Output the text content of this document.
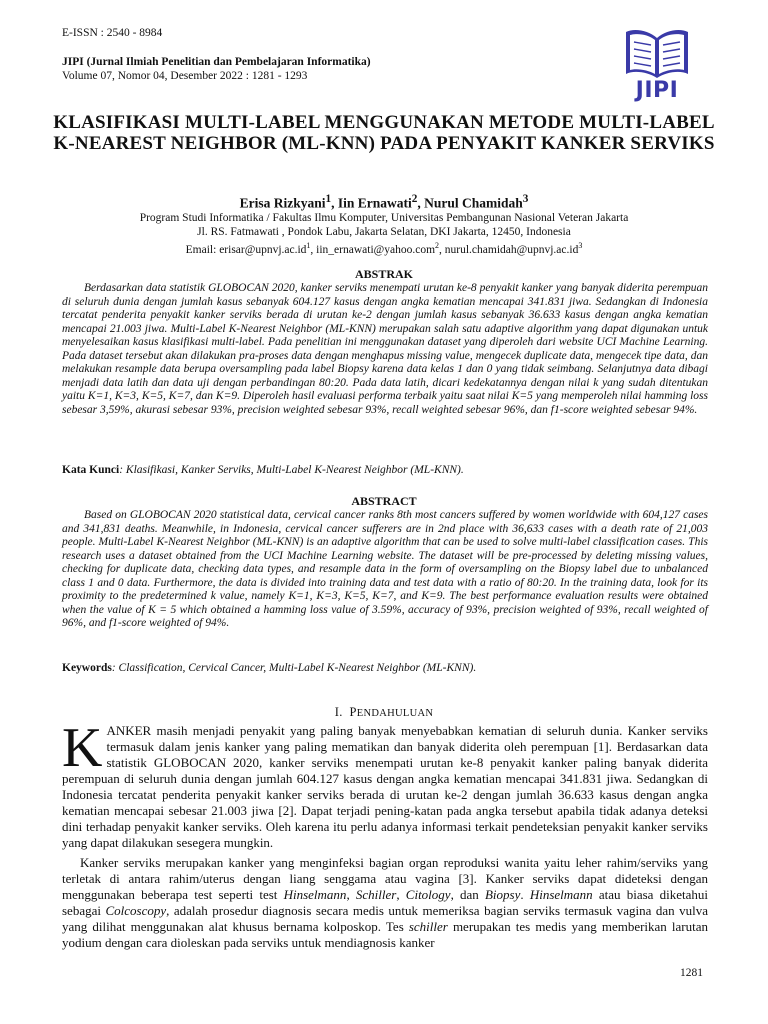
E-ISSN : 2540 - 8984
JIPI (Jurnal Ilmiah Penelitian dan Pembelajaran Informatika)
Volume 07, Nomor 04, Desember 2022 : 1281 - 1293
JIPI
KLASIFIKASI MULTI-LABEL MENGGUNAKAN METODE MULTI-LABEL K-NEAREST NEIGHBOR (ML-KNN) PADA PENYAKIT KANKER SERVIKS
Erisa Rizkyani$^1$, Iin Ernawati$^2$, Nurul Chamidah$^3$
Program Studi Informatika / Fakultas Ilmu Komputer, Universitas Pembangunan Nasional Veteran Jakarta
Jl. RS. Fatmawati , Pondok Labu, Jakarta Selatan, DKI Jakarta, 12450, Indonesia
Email: $erisar@upnvj.ac.id^1$, iin_ernawati@yahoo.com$^2$, $nurul.chamidah@upnvj.ac.id^3$
ABSTRAK
Berdasarkan data statistik GLOBOCAN 2020, kanker serviks menempati urutan ke-8 penyakit kanker yang banyak diderita perempuan di seluruh dunia dengan jumlah kasus sebanyak 604.127 kasus dengan angka kematian mencapai 341.831 jiwa. Sedangkan di Indonesia tercatat penderita penyakit kanker serviks berada di urutan ke-2 dengan jumlah kasus sebanyak 36.633 kasus dengan angka kematian mencapai 21.003 jiwa. Multi-Label K-Nearest Neighbor (ML-KNN) merupakan salah satu adaptive algorithm yang dapat digunakan untuk menyelesaikan kasus klasifikasi multi-label. Pada penelitian ini menggunakan dataset yang diperoleh dari website UCI Machine Learning. Pada dataset tersebut akan dilakukan pra-proses data dengan menghapus missing value, mengecek duplicate data, mengecek tipe data, dan melakukan resample data berupa oversampling pada label Biopsy karena data kelas 1 dan 0 yang tidak seimbang. Selanjutnya data dibagi menjadi data latih dan data uji dengan perbandingan 80:20. Pada data latih, dicari kedekatannya dengan nilai k yang sudah ditentukan yaitu K=1, K=3, K=5, K=7, dan K=9. Diperoleh hasil evaluasi performa terbaik yaitu saat nilai K=5 yang memperoleh nilai hamming loss sebesar 3,59%, akurasi sebesar 93%, precision weighted sebesar 93%, recall weighted sebesar 96%, dan f1-score weighted sebesar 94%.
Kata Kunci: Klasifikasi, Kanker Serviks, Multi-Label K-Nearest Neighbor (ML-KNN).
ABSTRACT
Based on GLOBOCAN 2020 statistical data, cervical cancer ranks 8th most cancers suffered by women worldwide with 604,127 cases and 341,831 deaths. Meanwhile, in Indonesia, cervical cancer sufferers are in 2nd place with 36,633 cases with a death rate of 21,003 people. Multi-Label K-Nearest Neighbor (ML-KNN) is an adaptive algorithm that can be used to solve multi-label classification cases. This research uses a dataset obtained from the UCI Machine Learning website. The dataset will be pre-processed by deleting missing values, checking for duplicate data, checking data types, and resample data in the form of oversampling on the Biopsy label due to unbalanced class 1 and 0 data. Furthermore, the data is divided into training data and test data with a ratio of 80:20. In the training data, look for its proximity to the predetermined k value, namely K=1, K=3, K=5, K=7, and K=9. The best performance evaluation results were obtained when the value of K = 5 which obtained a hamming loss value of 3.59%, accuracy of 93%, precision weighted of 93%, recall weighted of 96%, and f1-score weighted of 94%.
Keywords: Classification, Cervical Cancer, Multi-Label K-Nearest Neighbor (ML-KNN).
I. PENDAHULUAN
KANKER masih menjadi penyakit yang paling banyak menyebabkan kematian di seluruh dunia. Kanker serviks termasuk dalam jenis kanker yang paling mematikan dan banyak diderita oleh perempuan [1]. Berdasarkan data statistik GLOBOCAN 2020, kanker serviks menempati urutan ke-8 penyakit kanker paling banyak diderita perempuan di seluruh dunia dengan jumlah 604.127 kasus dengan angka kematian mencapai 341.831 jiwa. Sedangkan di Indonesia tercatat penderita penyakit kanker serviks berada di urutan ke-2 dengan jumlah 36.633 kasus dengan angka kematian mencapai sebesar 21.003 jiwa [2]. Dapat terjadi pening-katan pada angka tersebut apabila tidak adanya deteksi dini terhadap penyakit kanker serviks. Oleh karena itu perlu adanya informasi terkait pendeteksian penyakit kanker serviks yang dapat dilakukan sesegera mungkin.
Kanker serviks merupakan kanker yang menginfeksi bagian organ reproduksi wanita yaitu leher rahim/serviks yang terletak di antara rahim/uterus dengan liang senggama atau vagina [3]. Kanker serviks dapat dideteksi dengan menggunakan beberapa test seperti test Hinselmann, Schiller, Citology, dan Biopsy. Hinselmann atau biasa diketahui sebagai Colcoscopy, adalah prosedur diagnosis secara medis untuk memeriksa bagian serviks termasuk vagina dan vulva yang dilihat menggunakan alat khusus bernama kolposkop. Tes schiller merupakan tes medis yang memberikan larutan yodium dengan cara dioleskan pada serviks untuk mendiagnosis kanker
1281
